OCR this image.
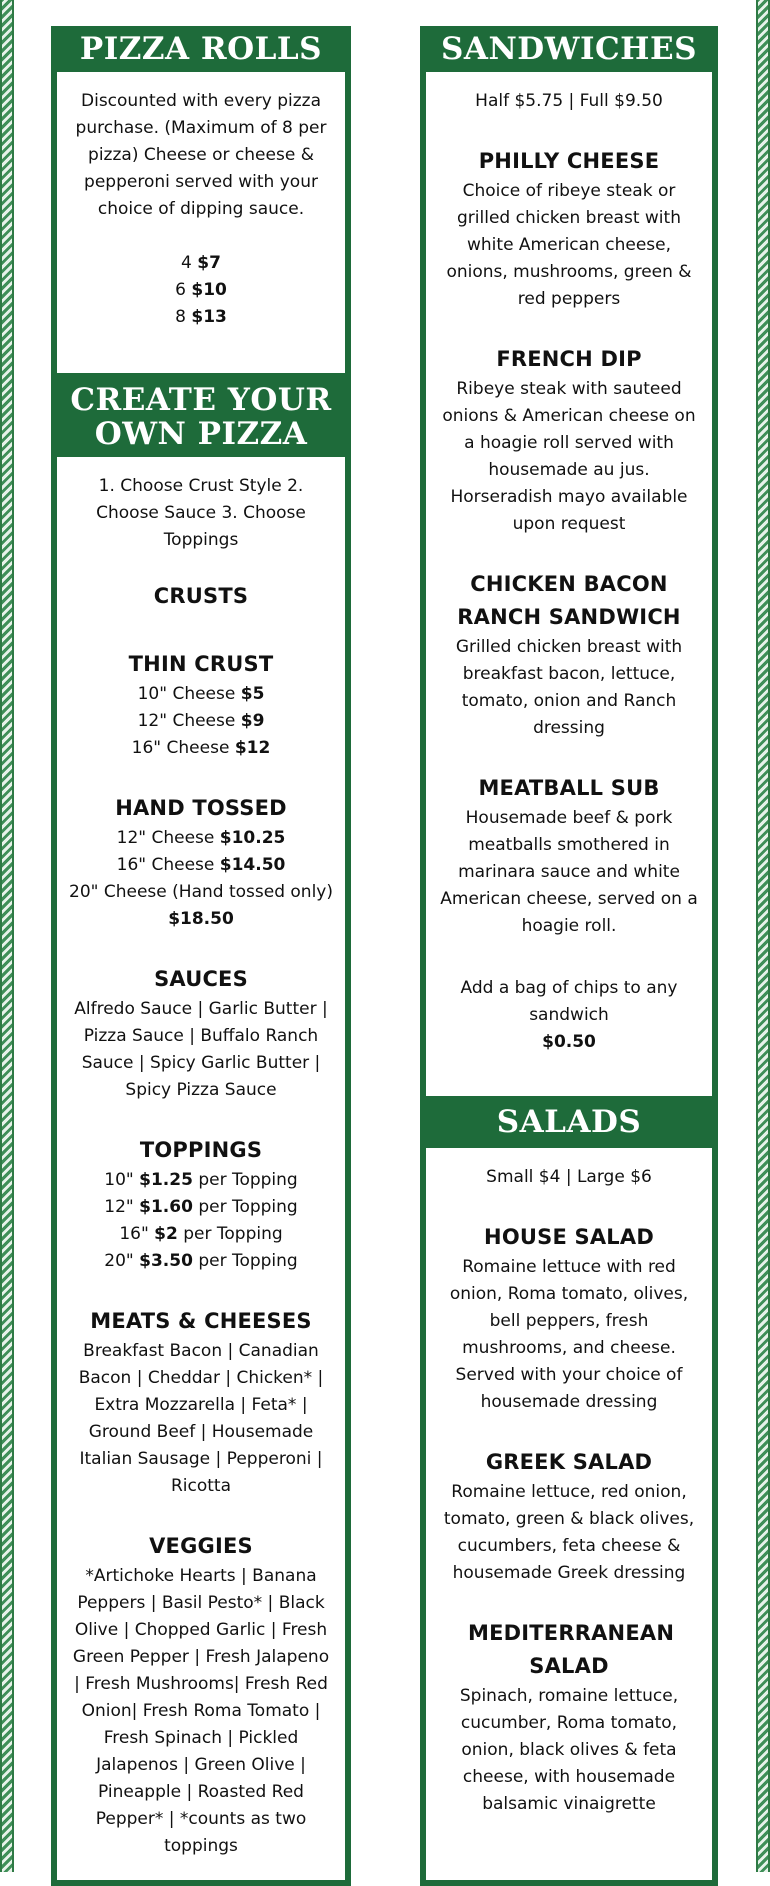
PIZZA ROLLS

Discounted with every pizza purchase. (Maximum of 8 per pizza) Cheese or cheese & pepperoni served with your choice of dipping sauce.

4 $7

6 $10

8 $13

CREATE YOUR OWN PIZZA

1. Choose Crust Style 2. Choose Sauce 3. Choose Toppings

CRUSTS

THIN CRUST

10" Cheese $5

12" Cheese $9

16" Cheese $12

HAND TOSSED

12" Cheese $10.25

16" Cheese $14.50

20" Cheese (Hand tossed only) $18.50

SAUCES

Alfredo Sauce | Garlic Butter | Pizza Sauce | Buffalo Ranch Sauce | Spicy Garlic Butter | Spicy Pizza Sauce

TOPPINGS

10" $1.25 per Topping

12" $1.60 per Topping

16" $2 per Topping

20" $3.50 per Topping

MEATS & CHEESES

Breakfast Bacon | Canadian Bacon | Cheddar | Chicken* | Extra Mozzarella | Feta* | Ground Beef | Housemade Italian Sausage | Pepperoni | Ricotta

VEGGIES

*Artichoke Hearts | Banana Peppers | Basil Pesto* | Black Olive | Chopped Garlic | Fresh Green Pepper | Fresh Jalapeno | Fresh Mushrooms| Fresh Red Onion| Fresh Roma Tomato | Fresh Spinach | Pickled Jalapenos | Green Olive | Pineapple | Roasted Red Pepper* | *counts as two toppings

SANDWICHES

Half $5.75 | Full $9.50

PHILLY CHEESE

Choice of ribeye steak or grilled chicken breast with white American cheese, onions, mushrooms, green & red peppers

FRENCH DIP

Ribeye steak with sauteed onions & American cheese on a hoagie roll served with housemade au jus. Horseradish mayo available upon request

CHICKEN BACON RANCH SANDWICH

Grilled chicken breast with breakfast bacon, lettuce, tomato, onion and Ranch dressing

MEATBALL SUB

Housemade beef & pork meatballs smothered in marinara sauce and white American cheese, served on a hoagie roll.

Add a bag of chips to any sandwich

$0.50

SALADS

Small $4 | Large $6

HOUSE SALAD

Romaine lettuce with red onion, Roma tomato, olives, bell peppers, fresh mushrooms, and cheese. Served with your choice of housemade dressing

GREEK SALAD

Romaine lettuce, red onion, tomato, green & black olives, cucumbers, feta cheese & housemade Greek dressing

MEDITERRANEAN SALAD

Spinach, romaine lettuce, cucumber, Roma tomato, onion, black olives & feta cheese, with housemade balsamic vinaigrette
